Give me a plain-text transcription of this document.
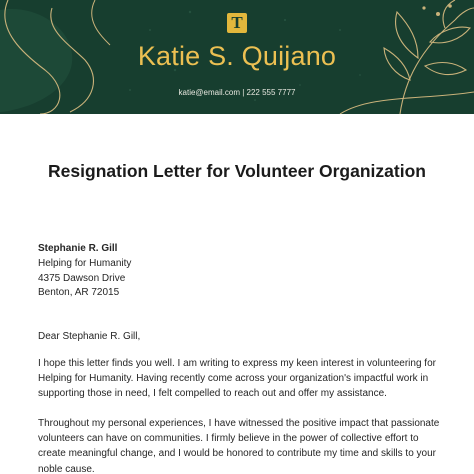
T
Katie S. Quijano
katie@email.com | 222 555 7777
Resignation Letter for Volunteer Organization
Stephanie R. Gill
Helping for Humanity
4375 Dawson Drive
Benton, AR 72015
Dear Stephanie R. Gill,
I hope this letter finds you well. I am writing to express my keen interest in volunteering for Helping for Humanity. Having recently come across your organization's impactful work in supporting those in need, I felt compelled to reach out and offer my assistance.
Throughout my personal experiences, I have witnessed the positive impact that passionate volunteers can have on communities. I firmly believe in the power of collective effort to create meaningful change, and I would be honored to contribute my time and skills to your noble cause.
